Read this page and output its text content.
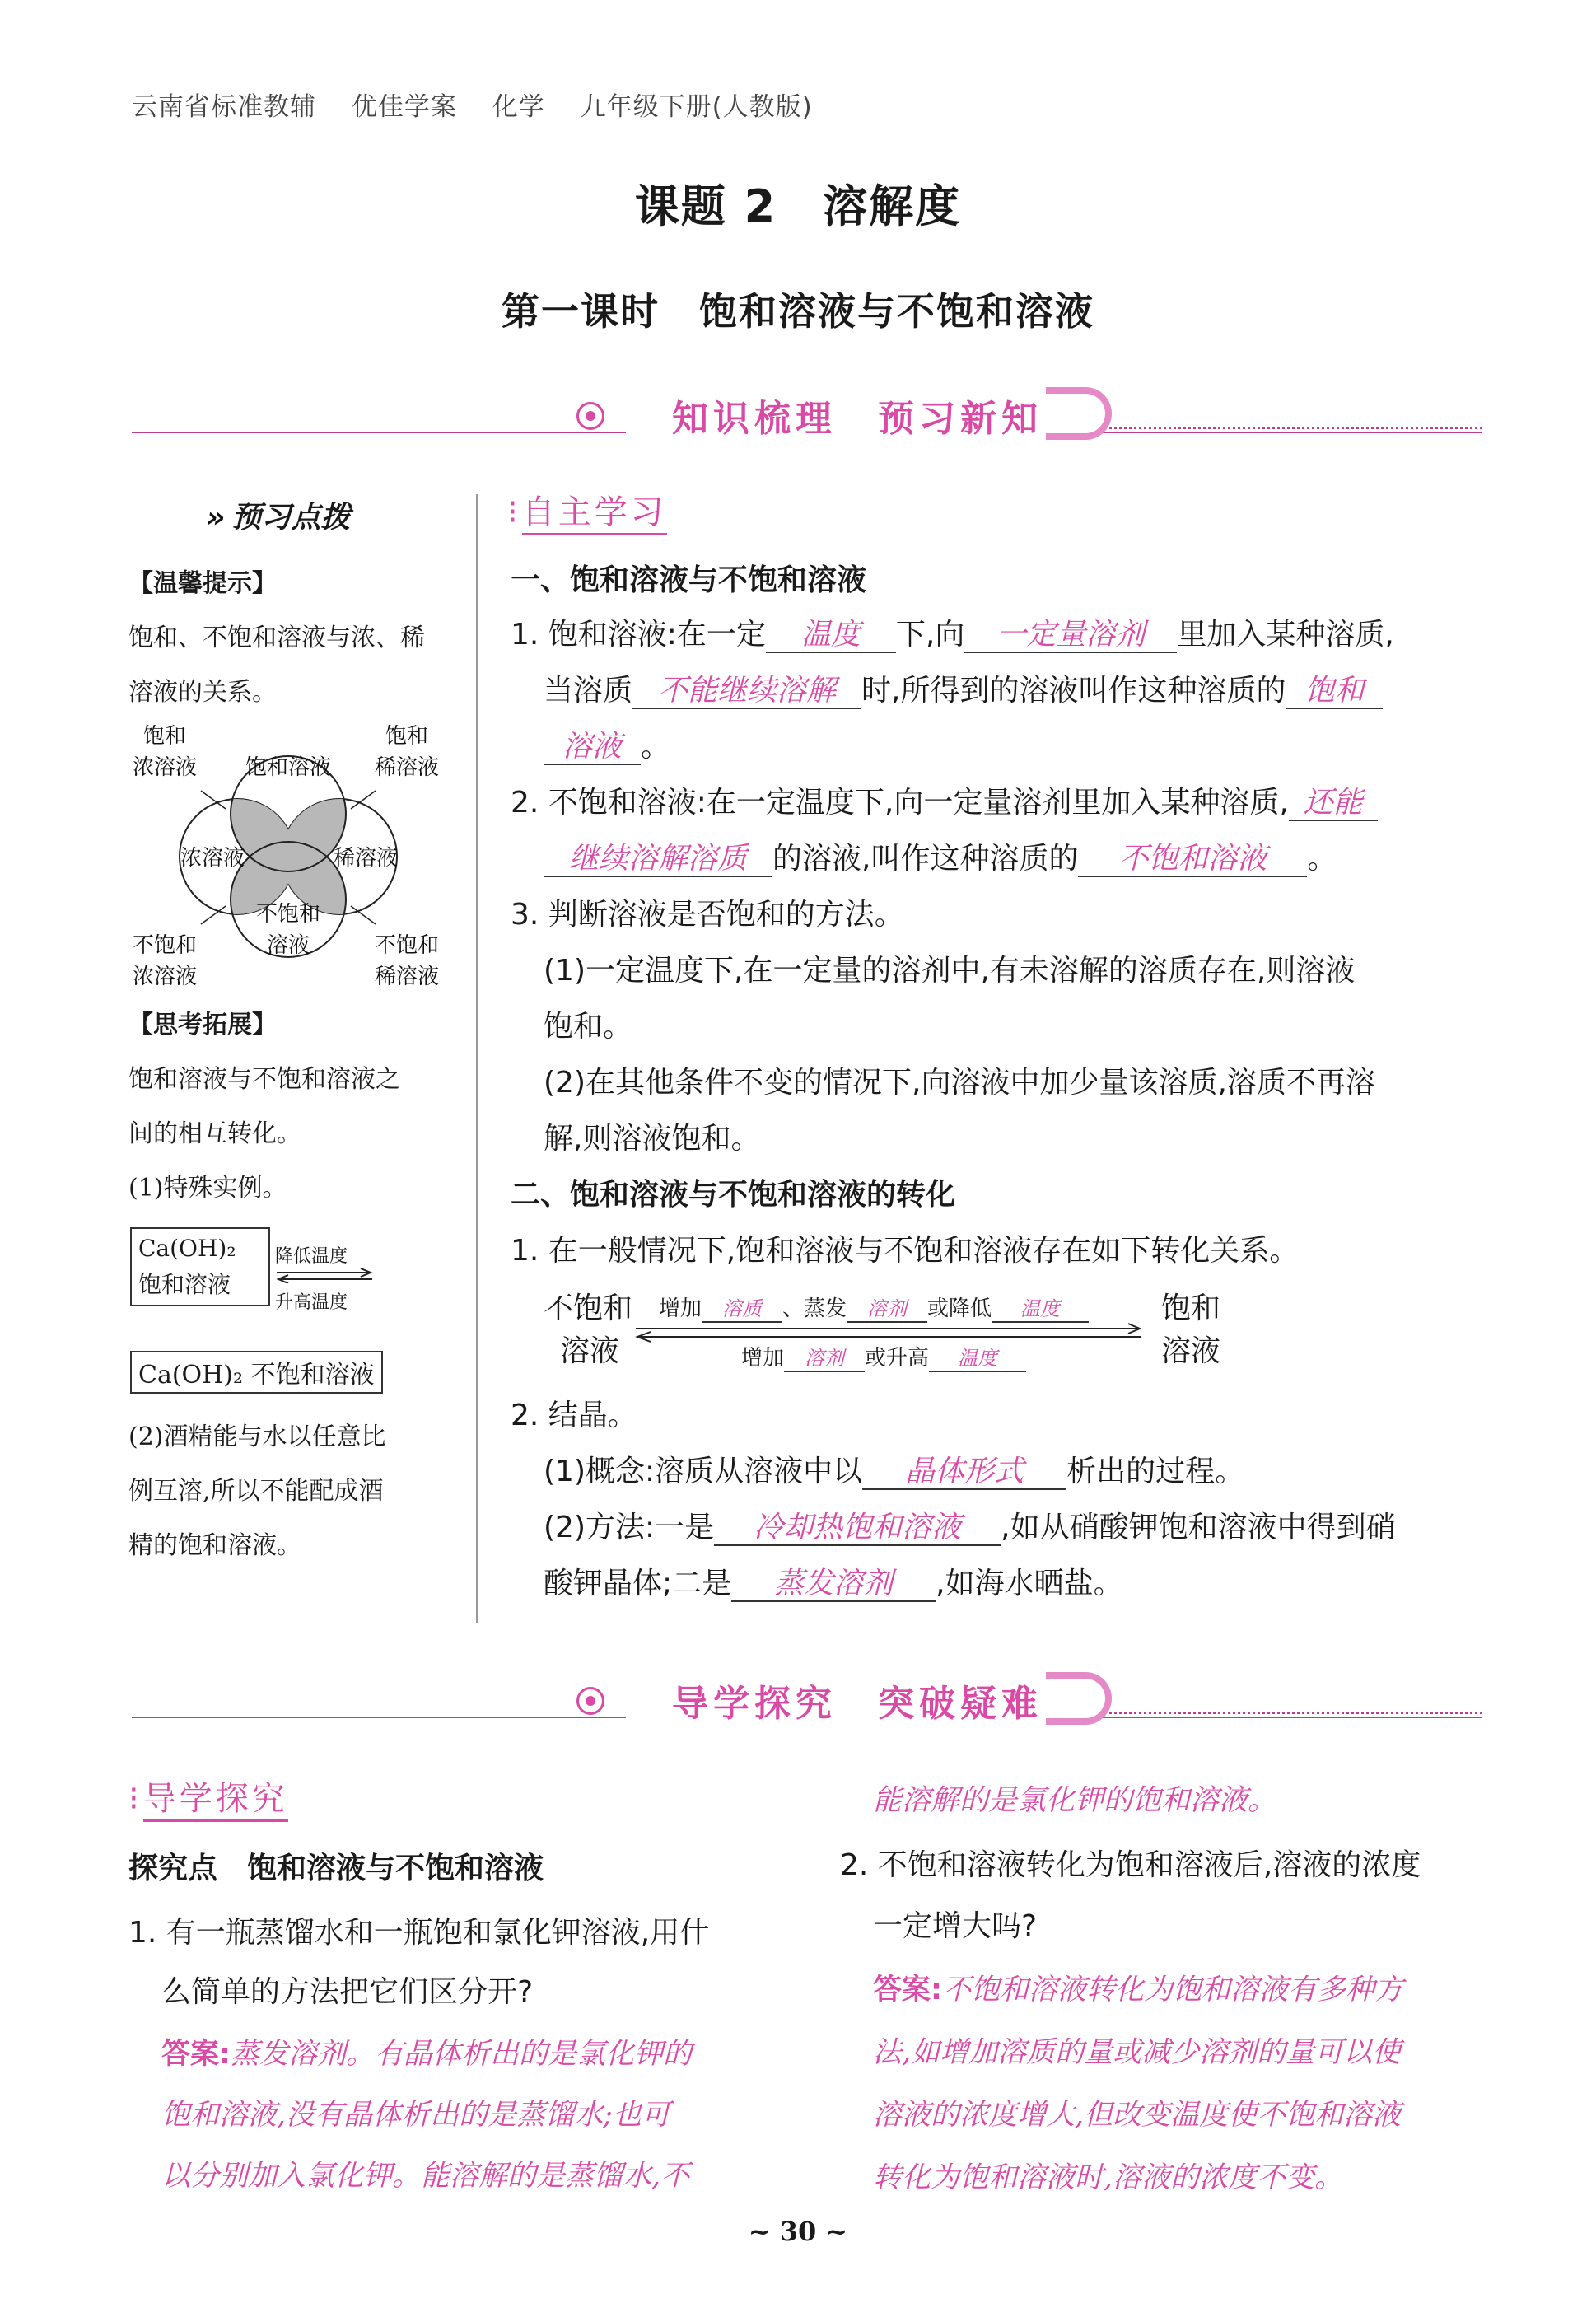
云南省标准教辅 优佳学案 化学 九年级下册(人教版)
课题 2　溶解度
第一课时　饱和溶液与不饱和溶液
知识梳理　预习新知
» 预习点拨
【温馨提示】
饱和、不饱和溶液与浓、稀
溶液的关系。
饱和
浓溶液 饱和溶液
饱和
稀溶液
浓溶液	稀溶液
不饱和
溶液
不饱和
浓溶液
不饱和
稀溶液
【思考拓展】
饱和溶液与不饱和溶液之
间的相互转化。
(1)特殊实例。
Ca(OH)₂
饱和溶液
降低温度
升高温度
Ca(OH)₂ 不饱和溶液
(2)酒精能与水以任意比
例互溶,所以不能配成酒
精的饱和溶液。
⁝ 自主学习
一、饱和溶液与不饱和溶液
1. 饱和溶液:在一定 温度 下,向 一定量溶剂 里加入某种溶质,
当溶质 不能继续溶解 时,所得到的溶液叫作这种溶质的 饱和
溶液 。
2. 不饱和溶液:在一定温度下,向一定量溶剂里加入某种溶质, 还能
继续溶解溶质 的溶液,叫作这种溶质的 不饱和溶液 。
3. 判断溶液是否饱和的方法。
(1)一定温度下,在一定量的溶剂中,有未溶解的溶质存在,则溶液
饱和。
(2)在其他条件不变的情况下,向溶液中加少量该溶质,溶质不再溶
解,则溶液饱和。
二、饱和溶液与不饱和溶液的转化
1. 在一般情况下,饱和溶液与不饱和溶液存在如下转化关系。
不饱和
溶液
饱和
溶液
增加 溶质 、蒸发 溶剂 或降低 温度
增加 溶剂 或升高 温度
2. 结晶。
(1)概念:溶质从溶液中以 晶体形式 析出的过程。
(2)方法:一是 冷却热饱和溶液 ,如从硝酸钾饱和溶液中得到硝
酸钾晶体;二是 蒸发溶剂 ,如海水晒盐。
导学探究　突破疑难
⁝ 导学探究
探究点　饱和溶液与不饱和溶液
1. 有一瓶蒸馏水和一瓶饱和氯化钾溶液,用什
么简单的方法把它们区分开?
答案:蒸发溶剂。有晶体析出的是氯化钾的
饱和溶液,没有晶体析出的是蒸馏水;也可
以分别加入氯化钾。能溶解的是蒸馏水,不
能溶解的是氯化钾的饱和溶液。
2. 不饱和溶液转化为饱和溶液后,溶液的浓度
一定增大吗?
答案:不饱和溶液转化为饱和溶液有多种方
法,如增加溶质的量或减少溶剂的量可以使
溶液的浓度增大,但改变温度使不饱和溶液
转化为饱和溶液时,溶液的浓度不变。
~ 30 ~
